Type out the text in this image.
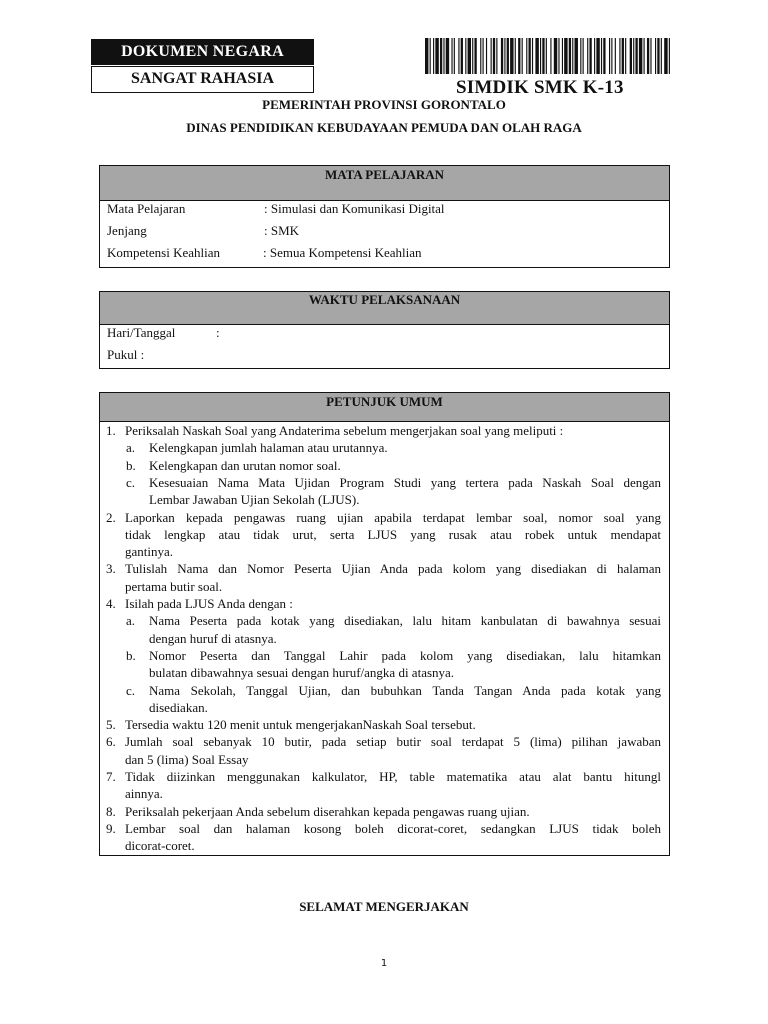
DOKUMEN NEGARA
SANGAT RAHASIA	SIMDIK SMK K-13
PEMERINTAH PROVINSI GORONTALO
DINAS PENDIDIKAN KEBUDAYAAN PEMUDA DAN OLAH RAGA
MATA PELAJARAN
Mata Pelajaran	: Simulasi dan Komunikasi Digital
Jenjang	: SMK
Kompetensi Keahlian	: Semua Kompetensi Keahlian
WAKTU PELAKSANAAN
Hari/Tanggal	:
Pukul :
PETUNJUK UMUM
1. Periksalah Naskah Soal yang Andaterima sebelum mengerjakan soal yang meliputi :
a. Kelengkapan jumlah halaman atau urutannya.
b. Kelengkapan dan urutan nomor soal.
c. Kesesuaian Nama Mata Ujidan Program Studi yang tertera pada Naskah Soal dengan
Lembar Jawaban Ujian Sekolah (LJUS).
2. Laporkan kepada pengawas ruang ujian apabila terdapat lembar soal, nomor soal yang
tidak lengkap atau tidak urut, serta LJUS yang rusak atau robek untuk mendapat
gantinya.
3. Tulislah Nama dan Nomor Peserta Ujian Anda pada kolom yang disediakan di halaman
pertama butir soal.
4. Isilah pada LJUS Anda dengan :
a. Nama Peserta pada kotak yang disediakan, lalu hitam kanbulatan di bawahnya sesuai
dengan huruf di atasnya.
b. Nomor Peserta dan Tanggal Lahir pada kolom yang disediakan, lalu hitamkan
bulatan dibawahnya sesuai dengan huruf/angka di atasnya.
c. Nama Sekolah, Tanggal Ujian, dan bubuhkan Tanda Tangan Anda pada kotak yang
disediakan.
5. Tersedia waktu 120 menit untuk mengerjakanNaskah Soal tersebut.
6. Jumlah soal sebanyak 10 butir, pada setiap butir soal terdapat 5 (lima) pilihan jawaban
dan 5 (lima) Soal Essay
7. Tidak diizinkan menggunakan kalkulator, HP, table matematika atau alat bantu hitungl
ainnya.
8. Periksalah pekerjaan Anda sebelum diserahkan kepada pengawas ruang ujian.
9. Lembar soal dan halaman kosong boleh dicorat-coret, sedangkan LJUS tidak boleh
dicorat-coret.
SELAMAT MENGERJAKAN
1
